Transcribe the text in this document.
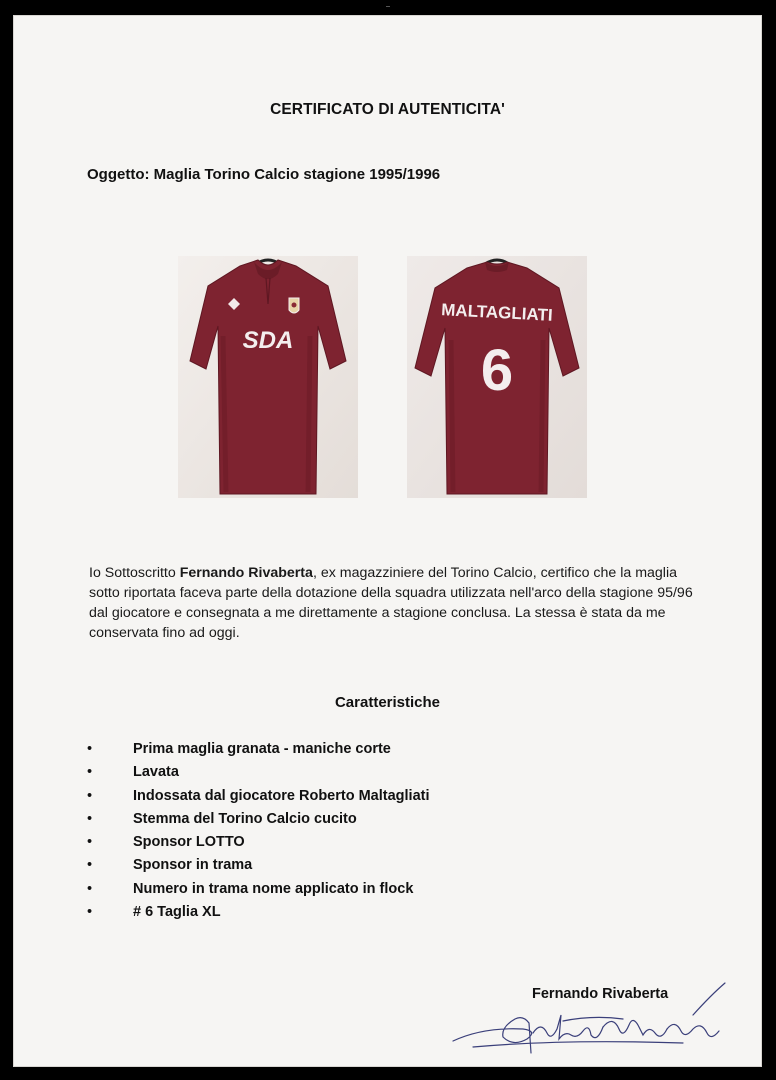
CERTIFICATO DI AUTENTICITA'
Oggetto: Maglia Torino Calcio stagione 1995/1996
SDA
MALTAGLIATI
6
Io Sottoscritto Fernando Rivaberta, ex magazziniere del Torino Calcio, certifico che la maglia sotto riportata faceva parte della dotazione della squadra utilizzata nell'arco della stagione 95/96 dal giocatore e consegnata a me direttamente a stagione conclusa. La stessa è stata da me conservata fino ad oggi.
Caratteristiche
•	Prima maglia granata - maniche corte
•	Lavata
•	Indossata dal giocatore Roberto Maltagliati
•	Stemma del Torino Calcio cucito
•	Sponsor LOTTO
•	Sponsor in trama
•	Numero in trama nome applicato in flock
•	# 6 Taglia XL
Fernando Rivaberta
